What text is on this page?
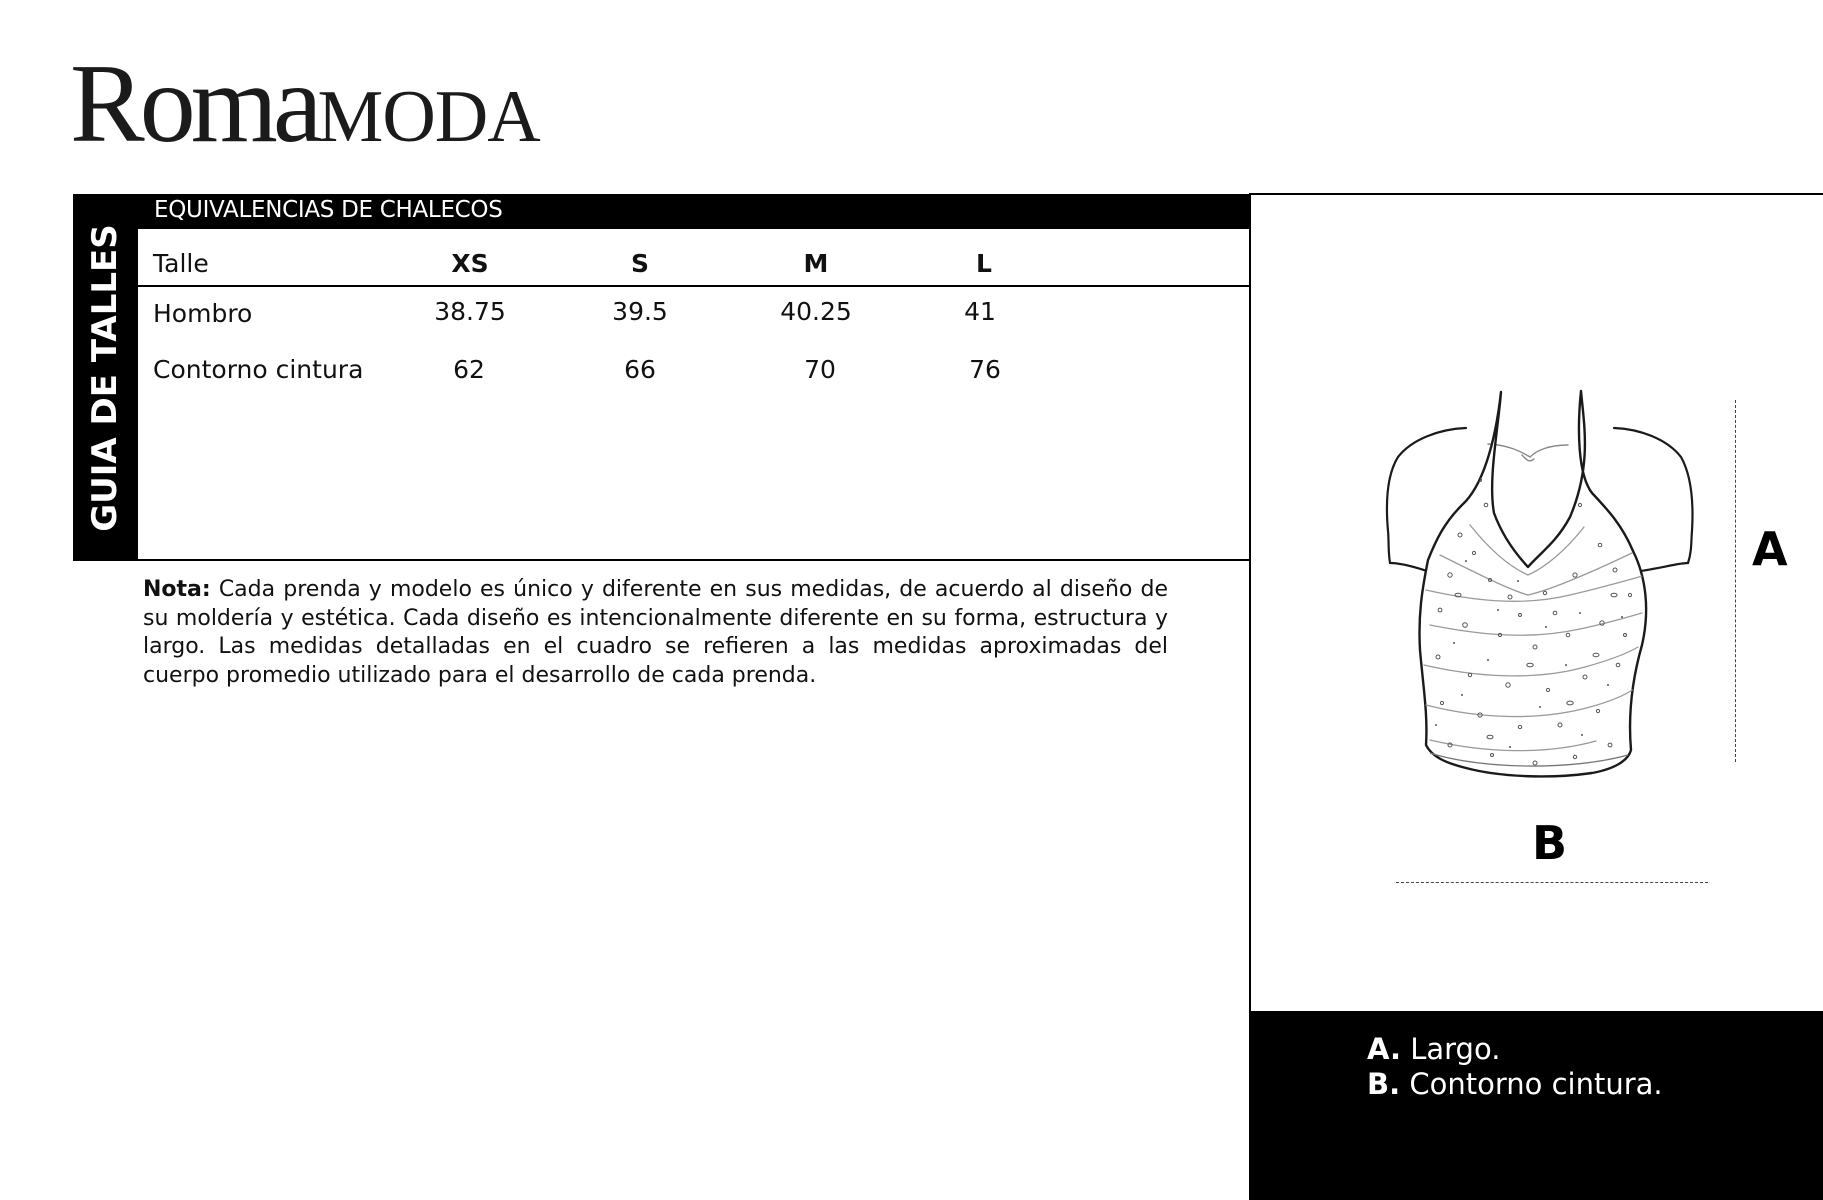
RomaMODA
GUIA DE TALLES
EQUIVALENCIAS DE CHALECOS
Talle	XS	S	M	L
Hombro	38.75	39.5	40.25	41
Contorno cintura	62	66	70	76
Nota: Cada prenda y modelo es único y diferente en sus medidas, de acuerdo al diseño de su moldería y estética. Cada diseño es intencionalmente diferente en su forma, estructura y largo. Las medidas detalladas en el cuadro se refieren a las medidas aproximadas del cuerpo promedio utilizado para el desarrollo de cada prenda.
A
B
A. Largo.
B. Contorno cintura.
